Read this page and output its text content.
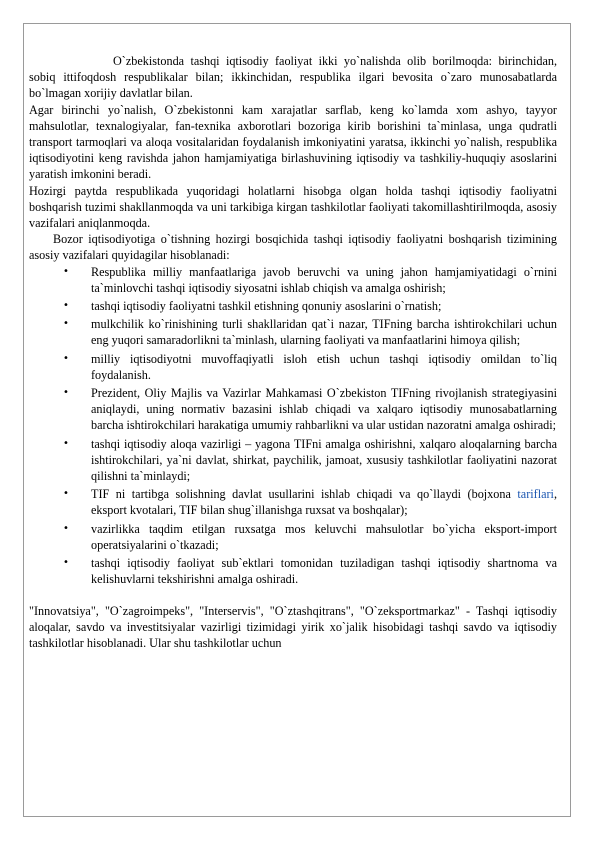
O`zbekistonda tashqi iqtisodiy faoliyat ikki yo`nalishda olib borilmoqda: birinchidan, sobiq ittifoqdosh respublikalar bilan; ikkinchidan, respublika ilgari bevosita o`zaro munosabatlarda bo`lmagan xorijiy davlatlar bilan.

Agar birinchi yo`nalish, O`zbekistonni kam xarajatlar sarflab, keng ko`lamda xom ashyo, tayyor mahsulotlar, texnalogiyalar, fan-texnika axborotlari bozoriga kirib borishini ta`minlasa, unga qudratli transport tarmoqlari va aloqa vositalaridan foydalanish imkoniyatini yaratsa, ikkinchi yo`nalish, respublika iqtisodiyotini keng ravishda jahon hamjamiyatiga birlashuvining iqtisodiy va tashkiliy-huquqiy asoslarini yaratish imkonini beradi.

Hozirgi paytda respublikada yuqoridagi holatlarni hisobga olgan holda tashqi iqtisodiy faoliyatni boshqarish tuzimi shakllanmoqda va uni tarkibiga kirgan tashkilotlar faoliyati takomillashtirilmoqda, asosiy vazifalari aniqlanmoqda.

Bozor iqtisodiyotiga o`tishning hozirgi bosqichida tashqi iqtisodiy faoliyatni boshqarish tizimining asosiy vazifalari quyidagilar hisoblanadi:

• Respublika milliy manfaatlariga javob beruvchi va uning jahon hamjamiyatidagi o`rnini ta`minlovchi tashqi iqtisodiy siyosatni ishlab chiqish va amalga oshirish;
• tashqi iqtisodiy faoliyatni tashkil etishning qonuniy asoslarini o`rnatish;
• mulkchilik ko`rinishining turli shakllaridan qat`i nazar, TIFning barcha ishtirokchilari uchun eng yuqori samaradorlikni ta`minlash, ularning faoliyati va manfaatlarini himoya qilish;
• milliy iqtisodiyotni muvoffaqiyatli isloh etish uchun tashqi iqtisodiy omildan to`liq foydalanish.
• Prezident, Oliy Majlis va Vazirlar Mahkamasi O`zbekiston TIFning rivojlanish strategiyasini aniqlaydi, uning normativ bazasini ishlab chiqadi va xalqaro iqtisodiy munosabatlarning barcha ishtirokchilari harakatiga umumiy rahbarlikni va ular ustidan nazoratni amalga oshiradi;
• tashqi iqtisodiy aloqa vazirligi – yagona TIFni amalga oshirishni, xalqaro aloqalarning barcha ishtirokchilari, ya`ni davlat, shirkat, paychilik, jamoat, xususiy tashkilotlar faoliyatini nazorat qilishni ta`minlaydi;
• TIF ni tartibga solishning davlat usullarini ishlab chiqadi va qo`llaydi (bojxona tariflari, eksport kvotalari, TIF bilan shug`illanishga ruxsat va boshqalar);
• vazirlikka taqdim etilgan ruxsatga mos keluvchi mahsulotlar bo`yicha eksport-import operatsiyalarini o`tkazadi;
• tashqi iqtisodiy faoliyat sub`ektlari tomonidan tuziladigan tashqi iqtisodiy shartnoma va kelishuvlarni tekshirishni amalga oshiradi.

"Innovatsiya", "O`zagroimpeks", "Interservis", "O`ztashqitrans", "O`zeksportmarkaz" - Tashqi iqtisodiy aloqalar, savdo va investitsiyalar vazirligi tizimidagi yirik xo`jalik hisobidagi tashqi savdo va iqtisodiy tashkilotlar hisoblanadi. Ular shu tashkilotlar uchun
